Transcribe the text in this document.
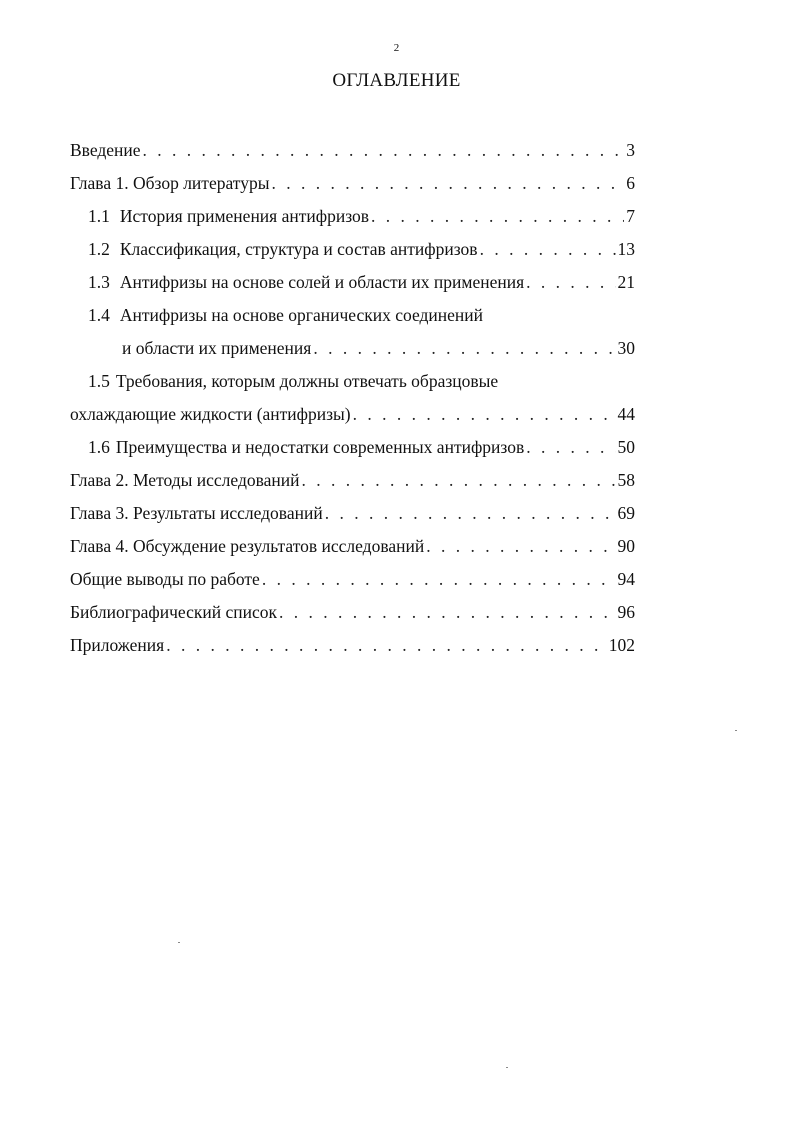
2
ОГЛАВЛЕНИЕ
Введение . . .	3
Глава 1. Обзор литературы . . .	6
1.1 История применения антифризов . . .	7
1.2 Классификация, структура и состав антифризов . . .	13
1.3 Антифризы на основе солей и области их применения . . .	21
1.4 Антифризы на основе органических соединений
и области их применения . . .	30
1.5 Требования, которым должны отвечать образцовые
охлаждающие жидкости (антифризы) . . .	44
1.6 Преимущества и недостатки современных антифризов . . .	50
Глава 2. Методы исследований . . .	58
Глава 3. Результаты исследований . . .	69
Глава 4. Обсуждение результатов исследований . . .	90
Общие выводы по работе . . .	94
Библиографический список . . .	96
Приложения . . .	102
